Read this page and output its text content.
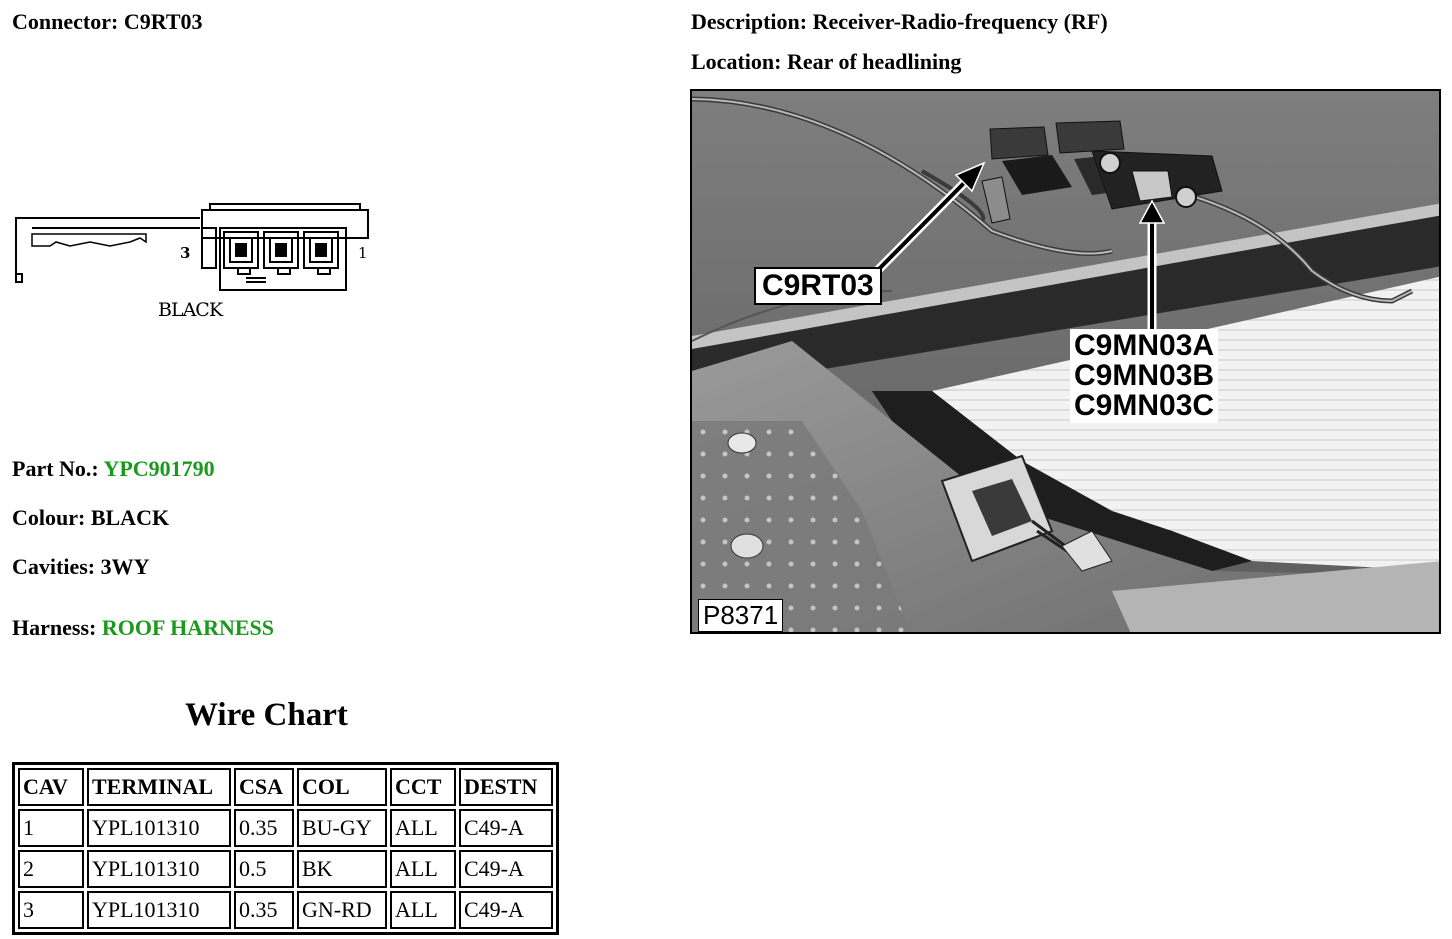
Connector: C9RT03	Description: Receiver-Radio-frequency (RF)
Location: Rear of headlining
3	1
BLACK
Part No.: YPC901790
Colour: BLACK
Cavities: 3WY
Harness: ROOF HARNESS
Wire Chart
CAV	TERMINAL	CSA	COL	CCT	DESTN
1	YPL101310	0.35	BU-GY	ALL	C49-A
2	YPL101310	0.5	BK	ALL	C49-A
3	YPL101310	0.35	GN-RD	ALL	C49-A
C9RT03
C9MN03A
C9MN03B
C9MN03C
P8371
